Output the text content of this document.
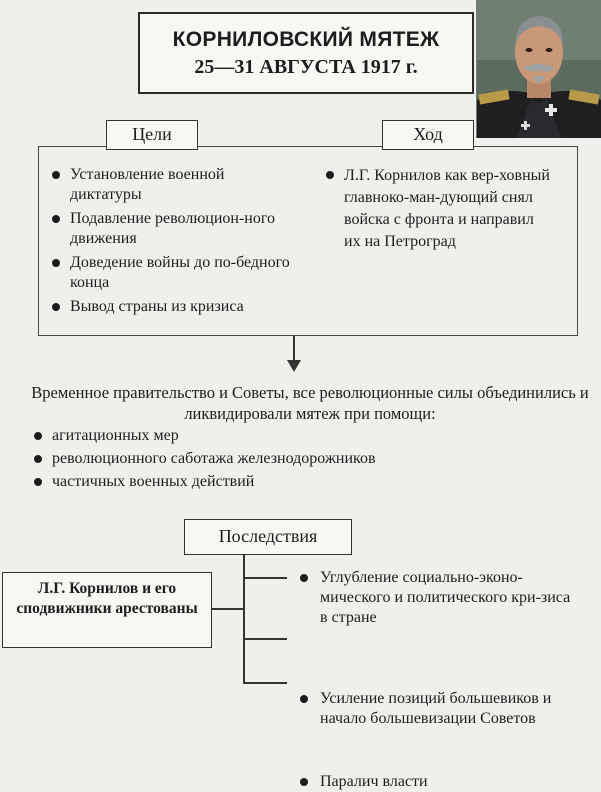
КОРНИЛОВСКИЙ МЯТЕЖ
25—31 АВГУСТА 1917 г.
Цели	Ход
Установление военной диктатуры
Подавление революцион-ного движения
Доведение войны до по-бедного конца
Вывод страны из кризиса
Л.Г. Корнилов как вер-ховный главноко-ман-дующий снял войска с фронта и направил их на Петроград
Временное правительство и Советы, все революционные силы объединились и ликвидировали мятеж при помощи:
агитационных мер
революционного саботажа железнодорожников
частичных военных действий
Последствия
Л.Г. Корнилов и его сподвижники арестованы
Углубление социально-эконо-мического и политического кри-зиса в стране
Усиление позиций большевиков и начало большевизации Советов
Паралич власти
